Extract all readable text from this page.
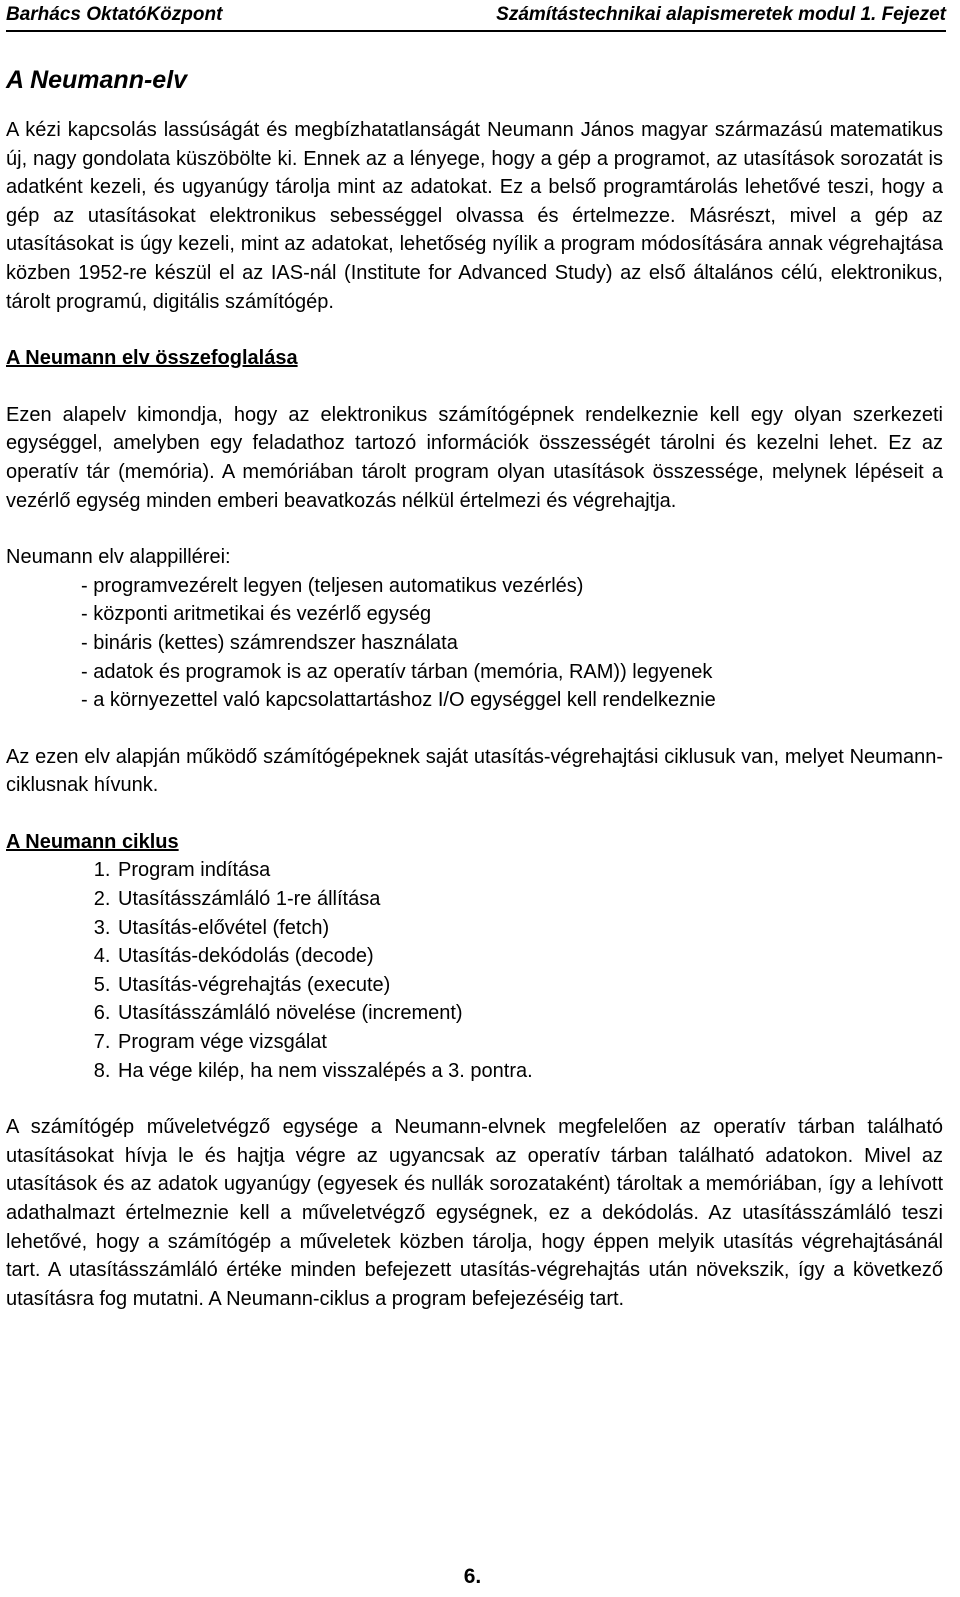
Barhács OktatóKözpont	Számítástechnikai alapismeretek modul 1. Fejezet
A Neumann-elv

A kézi kapcsolás lassúságát és megbízhatatlanságát Neumann János magyar származású matematikus új, nagy gondolata küszöbölte ki. Ennek az a lényege, hogy a gép a programot, az utasítások sorozatát is adatként kezeli, és ugyanúgy tárolja mint az adatokat. Ez a belső programtárolás lehetővé teszi, hogy a gép az utasításokat elektronikus sebességgel olvassa és értelmezze. Másrészt, mivel a gép az utasításokat is úgy kezeli, mint az adatokat, lehetőség nyílik a program módosítására annak végrehajtása közben 1952-re készül el az IAS-nál (Institute for Advanced Study) az első általános célú, elektronikus, tárolt programú, digitális számítógép.

A Neumann elv összefoglalása

Ezen alapelv kimondja, hogy az elektronikus számítógépnek rendelkeznie kell egy olyan szerkezeti egységgel, amelyben egy feladathoz tartozó információk összességét tárolni és kezelni lehet. Ez az operatív tár (memória). A memóriában tárolt program olyan utasítások összessége, melynek lépéseit a vezérlő egység minden emberi beavatkozás nélkül értelmezi és végrehajtja.

Neumann elv alappillérei:

- programvezérelt legyen (teljesen automatikus vezérlés)
- központi aritmetikai és vezérlő egység
- bináris (kettes) számrendszer használata
- adatok és programok is az operatív tárban (memória, RAM)) legyenek
- a környezettel való kapcsolattartáshoz I/O egységgel kell rendelkeznie

Az ezen elv alapján működő számítógépeknek saját utasítás-végrehajtási ciklusuk van, melyet Neumann-ciklusnak hívunk.

A Neumann ciklus

1. Program indítása
2. Utasításszámláló 1-re állítása
3. Utasítás-elővétel (fetch)
4. Utasítás-dekódolás (decode)
5. Utasítás-végrehajtás (execute)
6. Utasításszámláló növelése (increment)
7. Program vége vizsgálat
8. Ha vége kilép, ha nem visszalépés a 3. pontra.

A számítógép műveletvégző egysége a Neumann-elvnek megfelelően az operatív tárban található utasításokat hívja le és hajtja végre az ugyancsak az operatív tárban található adatokon. Mivel az utasítások és az adatok ugyanúgy (egyesek és nullák sorozataként) tároltak a memóriában, így a lehívott adathalmazt értelmeznie kell a műveletvégző egységnek, ez a dekódolás. Az utasításszámláló teszi lehetővé, hogy a számítógép a műveletek közben tárolja, hogy éppen melyik utasítás végrehajtásánál tart. A utasításszámláló értéke minden befejezett utasítás-végrehajtás után növekszik, így a következő utasításra fog mutatni. A Neumann-ciklus a program befejezéséig tart.

6.
